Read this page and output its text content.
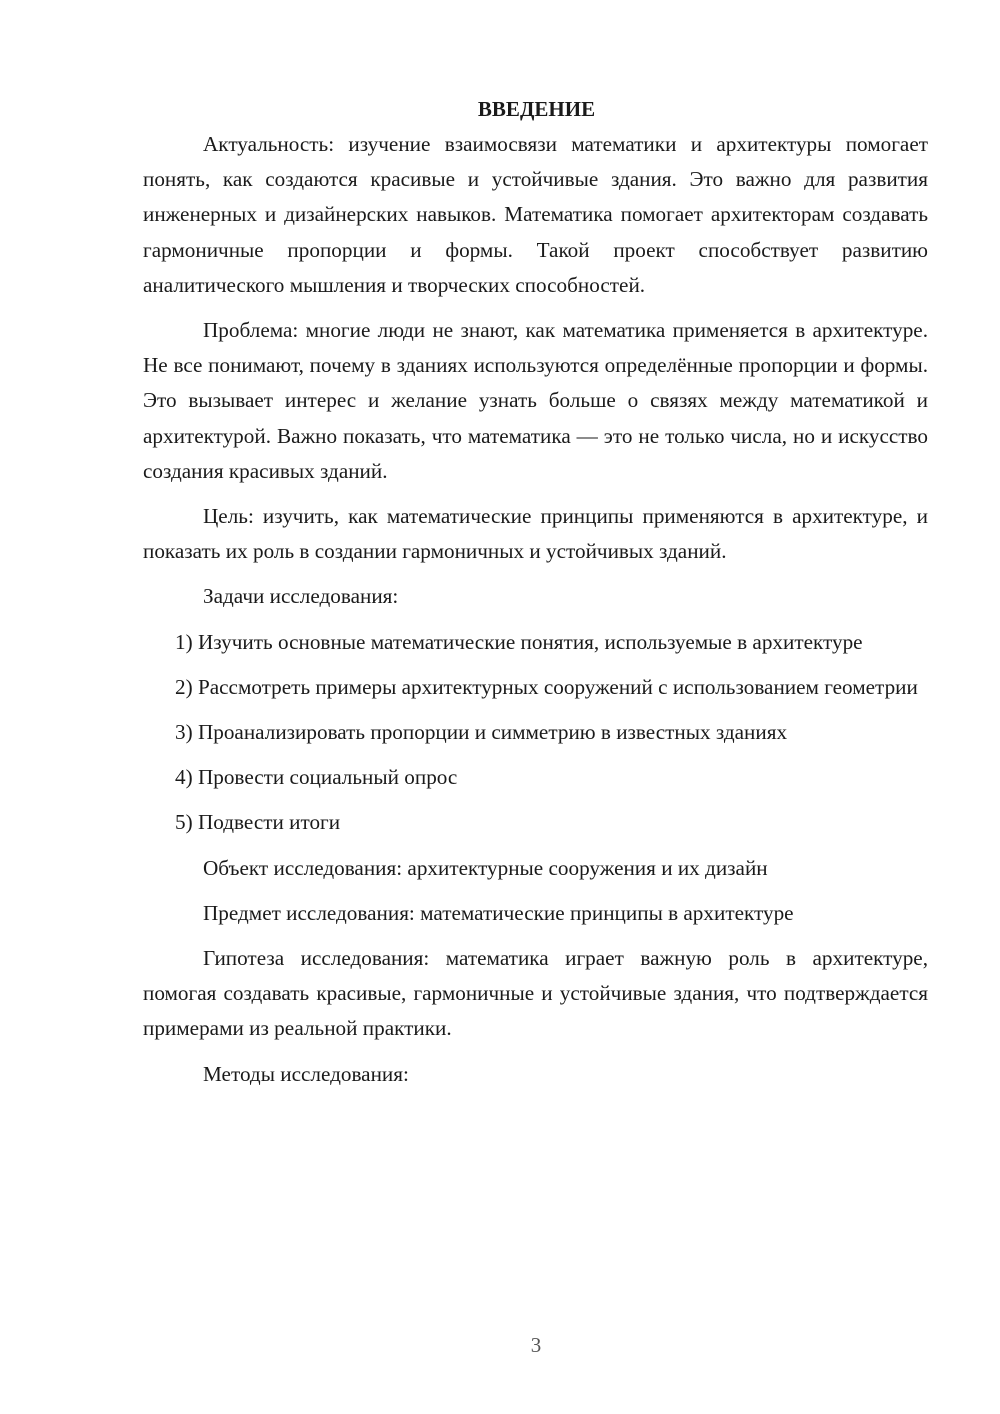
ВВЕДЕНИЕ

Актуальность: изучение взаимосвязи математики и архитектуры помогает понять, как создаются красивые и устойчивые здания. Это важно для развития инженерных и дизайнерских навыков. Математика помогает архитекторам создавать гармоничные пропорции и формы. Такой проект способствует развитию аналитического мышления и творческих способностей.

Проблема: многие люди не знают, как математика применяется в архитектуре. Не все понимают, почему в зданиях используются определённые пропорции и формы. Это вызывает интерес и желание узнать больше о связях между математикой и архитектурой. Важно показать, что математика — это не только числа, но и искусство создания красивых зданий.

Цель: изучить, как математические принципы применяются в архитектуре, и показать их роль в создании гармоничных и устойчивых зданий.

Задачи исследования:

1) Изучить основные математические понятия, используемые в архитектуре

2) Рассмотреть примеры архитектурных сооружений с использованием геометрии

3) Проанализировать пропорции и симметрию в известных зданиях

4) Провести социальный опрос

5) Подвести итоги

Объект исследования: архитектурные сооружения и их дизайн

Предмет исследования: математические принципы в архитектуре

Гипотеза исследования: математика играет важную роль в архитектуре, помогая создавать красивые, гармоничные и устойчивые здания, что подтверждается примерами из реальной практики.

Методы исследования:

3
